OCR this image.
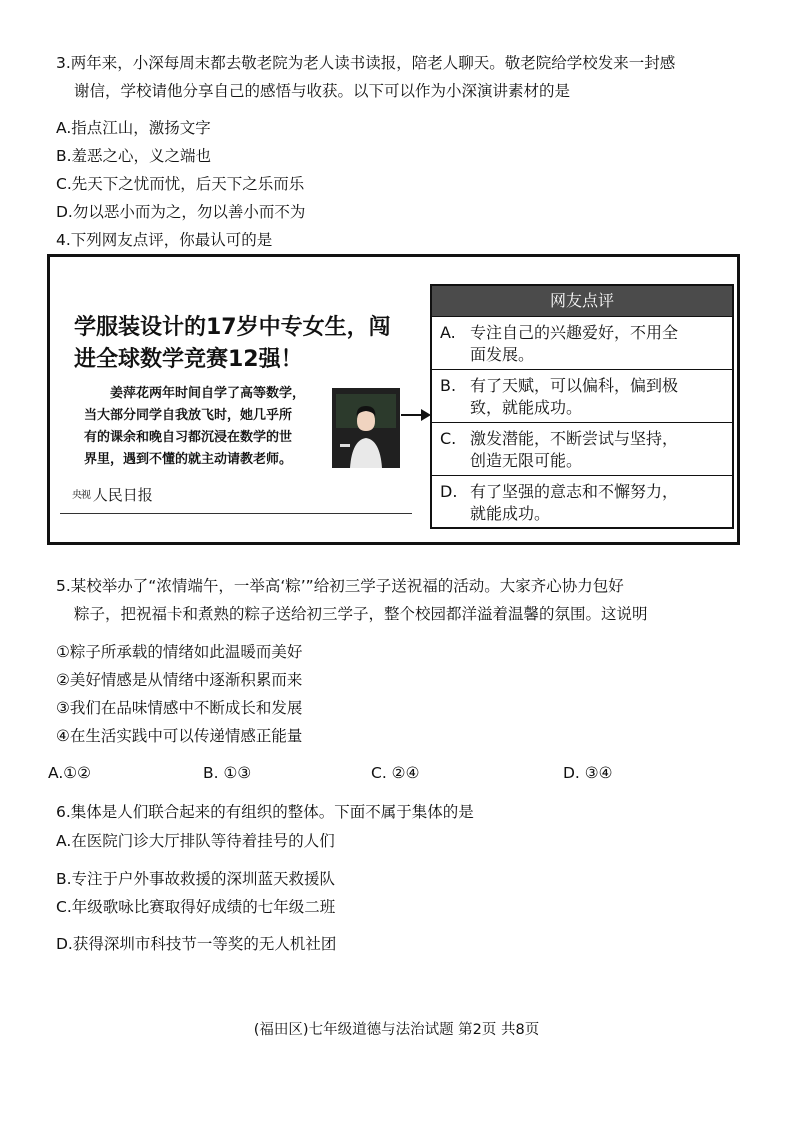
3.两年来，小深每周末都去敬老院为老人读书读报，陪老人聊天。敬老院给学校发来一封感
谢信，学校请他分享自己的感悟与收获。以下可以作为小深演讲素材的是
A.指点江山，激扬文字
B.羞恶之心，义之端也
C.先天下之忧而忧，后天下之乐而乐
D.勿以恶小而为之，勿以善小而不为
4.下列网友点评，你最认可的是
学服装设计的17岁中专女生，闯
进全球数学竞赛12强！
姜萍花两年时间自学了高等数学，
当大部分同学自我放飞时，她几乎所
有的课余和晚自习都沉浸在数学的世
界里，遇到不懂的就主动请教老师。
央视 人民日报
网友点评
A. 专注自己的兴趣爱好，不用全
面发展。
B. 有了天赋，可以偏科，偏到极
致，就能成功。
C. 激发潜能，不断尝试与坚持，
创造无限可能。
D. 有了坚强的意志和不懈努力，
就能成功。
5.某校举办了“浓情端午，一举高‘粽’”给初三学子送祝福的活动。大家齐心协力包好
粽子，把祝福卡和煮熟的粽子送给初三学子，整个校园都洋溢着温馨的氛围。这说明
①粽子所承载的情绪如此温暖而美好
②美好情感是从情绪中逐渐积累而来
③我们在品味情感中不断成长和发展
④在生活实践中可以传递情感正能量
A.①②	B. ①③	C. ②④	D. ③④
6.集体是人们联合起来的有组织的整体。下面不属于集体的是
A.在医院门诊大厅排队等待着挂号的人们
B.专注于户外事故救援的深圳蓝天救援队
C.年级歌咏比赛取得好成绩的七年级二班
D.获得深圳市科技节一等奖的无人机社团
(福田区)七年级道德与法治试题 第2页 共8页
